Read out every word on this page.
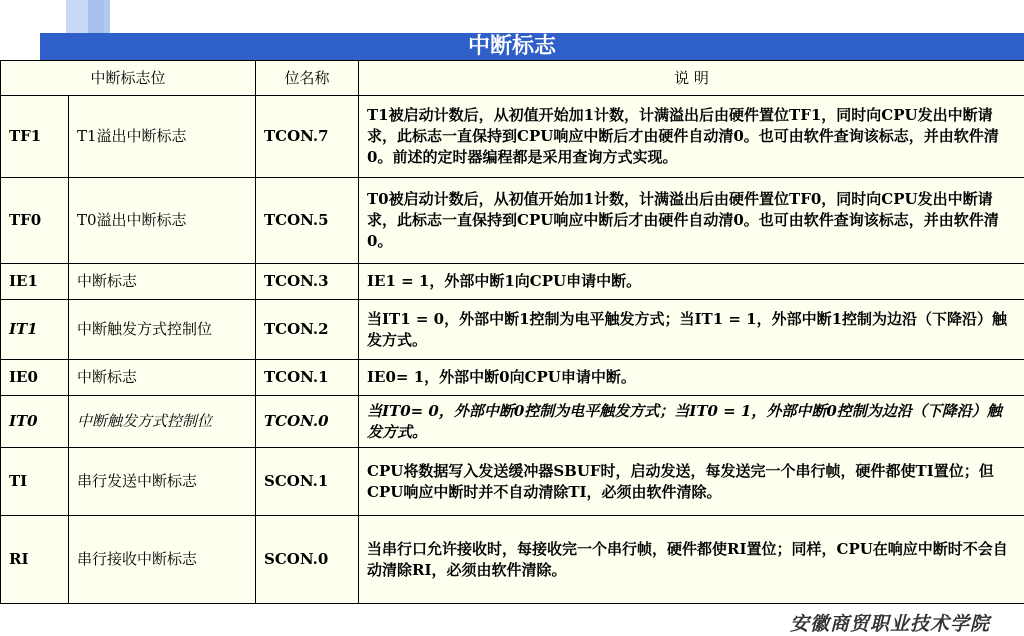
中断标志
中断标志位		位名称	说 明
TF1	T1溢出中断标志	TCON.7	T1被启动计数后，从初值开始加1计数，计满溢出后由硬件置位TF1，同时向CPU发出中断请求，此标志一直保持到CPU响应中断后才由硬件自动清0。也可由软件查询该标志，并由软件清0。前述的定时器编程都是采用查询方式实现。
TF0	T0溢出中断标志	TCON.5	T0被启动计数后，从初值开始加1计数，计满溢出后由硬件置位TF0，同时向CPU发出中断请求，此标志一直保持到CPU响应中断后才由硬件自动清0。也可由软件查询该标志，并由软件清0。
IE1	中断标志	TCON.3	IE1 = 1，外部中断1向CPU申请中断。
IT1	中断触发方式控制位	TCON.2	当IT1 = 0，外部中断1控制为电平触发方式；当IT1 = 1，外部中断1控制为边沿（下降沿）触发方式。
IE0	中断标志	TCON.1	IE0= 1，外部中断0向CPU申请中断。
IT0	中断触发方式控制位	TCON.0	当IT0= 0，外部中断0控制为电平触发方式；当IT0 = 1，外部中断0控制为边沿（下降沿）触发方式。
TI	串行发送中断标志	SCON.1	CPU将数据写入发送缓冲器SBUF时，启动发送，每发送完一个串行帧，硬件都使TI置位；但CPU响应中断时并不自动清除TI，必须由软件清除。
RI	串行接收中断标志	SCON.0	当串行口允许接收时，每接收完一个串行帧，硬件都使RI置位；同样，CPU在响应中断时不会自动清除RI，必须由软件清除。
安徽商贸职业技术学院
